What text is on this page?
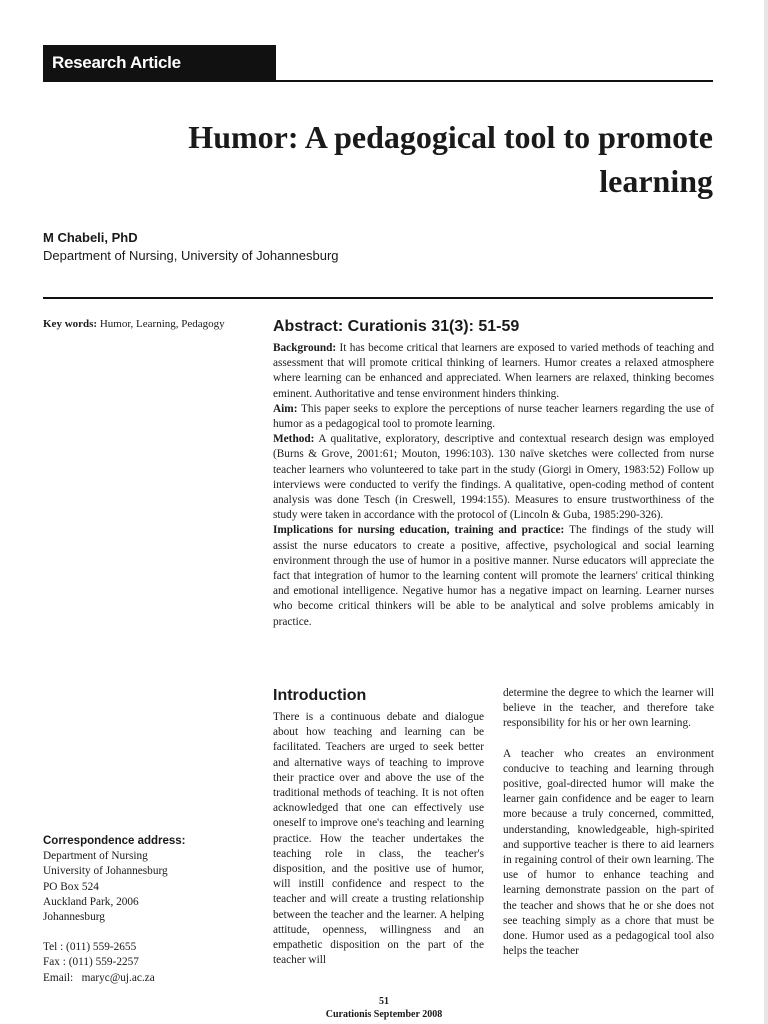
Research Article
Humor: A pedagogical tool to promote learning
M Chabeli, PhD
Department of Nursing, University of Johannesburg
Key words: Humor, Learning, Pedagogy	Abstract: Curationis 31(3): 51-59

Background: It has become critical that learners are exposed to varied methods of teaching and assessment that will promote critical thinking of learners. Humor creates a relaxed atmosphere where learning can be enhanced and appreciated. When learners are relaxed, thinking becomes eminent. Authoritative and tense environment hinders thinking.

Aim: This paper seeks to explore the perceptions of nurse teacher learners regarding the use of humor as a pedagogical tool to promote learning.

Method: A qualitative, exploratory, descriptive and contextual research design was employed (Burns & Grove, 2001:61; Mouton, 1996:103). 130 naïve sketches were collected from nurse teacher learners who volunteered to take part in the study (Giorgi in Omery, 1983:52) Follow up interviews were conducted to verify the findings. A qualitative, open-coding method of content analysis was done Tesch (in Creswell, 1994:155). Measures to ensure trustworthiness of the study were taken in accordance with the protocol of (Lincoln & Guba, 1985:290-326).

Implications for nursing education, training and practice: The findings of the study will assist the nurse educators to create a positive, affective, psychological and social learning environment through the use of humor in a positive manner. Nurse educators will appreciate the fact that integration of humor to the learning content will promote the learners' critical thinking and emotional intelligence. Negative humor has a negative impact on learning. Learner nurses who become critical thinkers will be able to be analytical and solve problems amicably in practice.

Introduction

There is a continuous debate and dialogue about how teaching and learning can be facilitated. Teachers are urged to seek better and alternative ways of teaching to improve their practice over and above the use of the traditional methods of teaching. It is not often acknowledged that one can effectively use oneself to improve one's teaching and learning practice. How the teacher undertakes the teaching role in class, the teacher's disposition, and the positive use of humor, will instill confidence and respect to the teacher and will create a trusting relationship between the teacher and the learner. A helping attitude, openness, willingness and an empathetic disposition on the part of the teacher will

determine the degree to which the learner will believe in the teacher, and therefore take responsibility for his or her own learning.

A teacher who creates an environment conducive to teaching and learning through positive, goal-directed humor will make the learner gain confidence and be eager to learn more because a truly concerned, committed, understanding, knowledgeable, high-spirited and supportive teacher is there to aid learners in regaining control of their own learning. The use of humor to enhance teaching and learning demonstrate passion on the part of the teacher and shows that he or she does not see teaching simply as a chore that must be done. Humor used as a pedagogical tool also helps the teacher

Correspondence address:
Department of Nursing
University of Johannesburg
PO Box 524
Auckland Park, 2006
Johannesburg
Tel : (011) 559-2655
Fax : (011) 559-2257
Email:   maryc@uj.ac.za
51
Curationis September 2008
